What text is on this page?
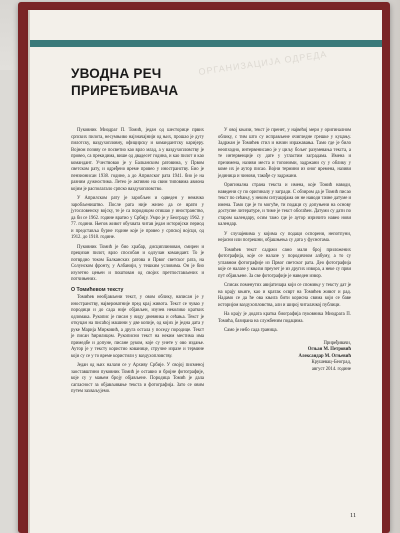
ОРГАНИЗАЦИЈА ОДРЕДА
УВОДНА РЕЧ
ПРИРЕЂИВАЧА

Пуковник Миодраг П. Томић, један од шесторице првих српских пилота, несумњиво најзначајнији од њих, прошао је дугу пилотску, ваздухопловну, официрску и командантску каријеру. Војном позиву се посветио као врло млад, а у ваздухопловству је провео, са прекидима, више од двадесет година, и као пилот и као командант. Учествовао је у Балканским ратовима, у Првом светском рату, и одређено време провео у иностранству. Био је пензионисан 1938. године, а до Априлског рата 1941. био је на разним дужностима. Летео је активно на свим типовима авиона којим је располагало српско ваздухопловство.

У Априлском рату је заробљен и одведен у немачко заробљеништво. После рата није желео да се врати у југословенску војску, те је са породицом отишао у иностранство, да би се 1962. године вратио у Србију. Умро је у Београду 1962. у 77. години. Његов живот обухвата читав један историјски период и представља бурне године које је провео у српској војсци, од 1912. до 1918. године.

Пуковник Томић је био храбар, дисциплинован, смирен и прецизан пилот, врло способан и одлучан командант. То је потврдио током Балканских ратова и Првог светског рата, на Солунском фронту, у Албанији, у тешким условима. Он је био изузетно цењен и поштован од својих претпостављених и потчињених.

О Томићевом тексту

Томићев необјављени текст, у овом облику, написан је у иностранству, највероватније пред крај живота. Текст се чувао у породици и до сада није објављен, изузев неколико кратких одломака. Рукопис је писан у виду дневника и сећања. Текст је откуцан на писаћој машини у две копије, од којих је једна дата у руке Марија Мирковић, а друга остала у поседу породице. Текст је писан ћирилицом. Рукописни текст на неким местима има примедбе и допуне, писане руком, које су унете у ово издање. Аутор је у тексту користио кованице, стручне изразе и термине који су се у то време користили у ваздухопловству.

Један од њих налази се у Архиву Србије. У својој писменој заоставштини пуковник Томић је оставио и бројне фотографије, које су у мањем броју објављене. Породица Томић је дала сагласност за објављивање текста и фотографија. Зато се овим путем захваљујемо.

У овој књизи, текст је пренет, у највећој мери у оригиналном облику, с тим што су исправљене очигледне грешке у куцању. Задржан је Томићев стил и начин изражавања. Тамо где је било неопходно, интервенисано је у циљу бољег разумевања текста, а те интервенције су дате у угластим заградама. Имена и презимена, називи места и топоними, задржани су у облику у коме их је аутор писао. Војни термини из оног времена, називи јединица и чинови, такође су задржани.

Оригинална страна текста и имена, које Томић наводи, наведени су по оригиналу у загради. С обзиром да је Томић писао текст по сећању, у неким ситуацијама он не наводи тачне датуме и имена. Тамо где је то могуће, ти подаци су допуњени на основу доступне литературе, и тиме је текст обогаћен. Датуми су дати по старом календару, осим тамо где је аутор изричито навео нови календар.

У случајевима у којима су подаци оспорени, непотпуни, нејасни или погрешни, објашњења су дата у фуснотама.

Томићев текст садржи само мали број приложених фотографија, које се налазе у породичном албуму, а то су углавном фотографије из Првог светског рата. Део фотографија које се налазе у књизи преузет је из других извора, а неке су први пут објављене. За све фотографије је наведен извор.

Списак поменутих авијатичара који се спомињу у тексту дат је на крају књиге, као и кратак осврт на Томићев живот и рад. Надамо се да ће ова књига бити корисна свима који се баве историјом ваздухопловства, али и широј читалачкој публици.

На крају је додата кратка биографија пуковника Миодрага П. Томића, базирана на службеним подацима.

Само је небо сада граница.

Приређивачи,
Огњан М. Петровић
Александар М. Огњевић
Крушевац–Београд,
август 2014. године
11
